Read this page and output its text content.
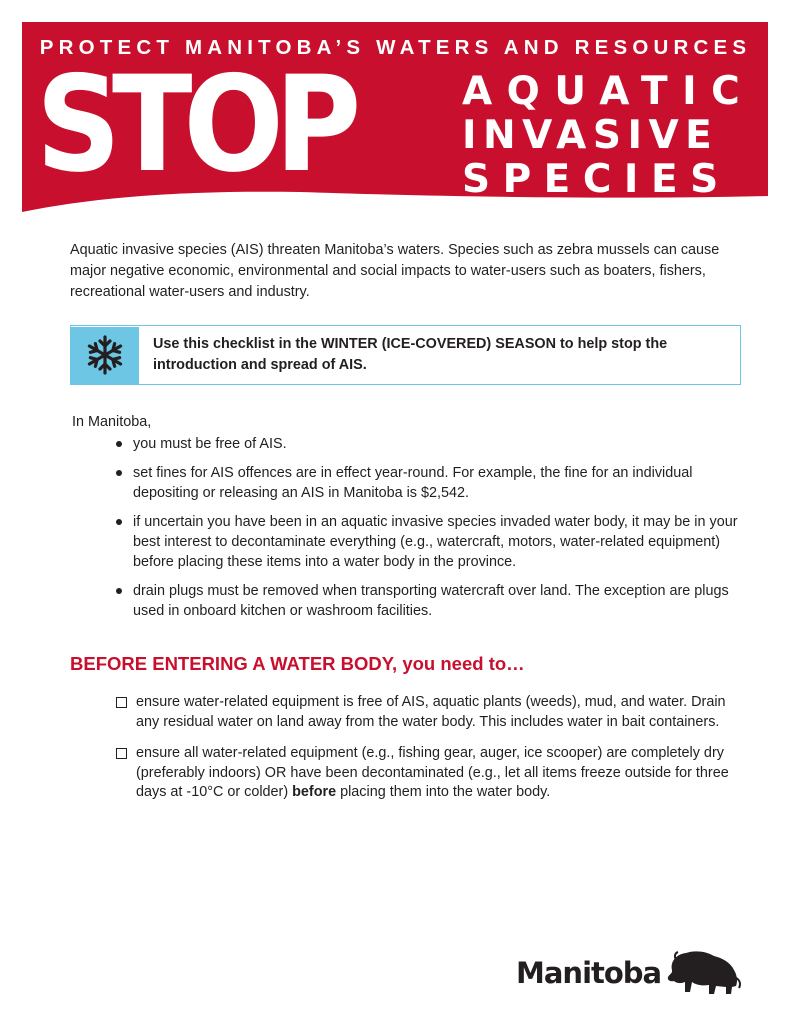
PROTECT MANITOBA’S WATERS AND RESOURCES
STOP	AQUATIC
INVASIVE
SPECIES

Aquatic invasive species (AIS) threaten Manitoba’s waters. Species such as zebra mussels can cause major negative economic, environmental and social impacts to water-users such as boaters, fishers, recreational water-users and industry.

Use this checklist in the WINTER (ICE-COVERED) SEASON to help stop the introduction and spread of AIS.
In Manitoba,
you must be free of AIS.
set fines for AIS offences are in effect year-round. For example, the fine for an individual depositing or releasing an AIS in Manitoba is $2,542.
if uncertain you have been in an aquatic invasive species invaded water body, it may be in your best interest to decontaminate everything (e.g., watercraft, motors, water-related equipment) before placing these items into a water body in the province.
drain plugs must be removed when transporting watercraft over land. The exception are plugs used in onboard kitchen or washroom facilities.
BEFORE ENTERING A WATER BODY, you need to…
ensure water-related equipment is free of AIS, aquatic plants (weeds), mud, and water. Drain any residual water on land away from the water body. This includes water in bait containers.
ensure all water-related equipment (e.g., fishing gear, auger, ice scooper) are completely dry (preferably indoors) OR have been decontaminated (e.g., let all items freeze outside for three days at -10°C or colder) before placing them into the water body.
Manitoba
